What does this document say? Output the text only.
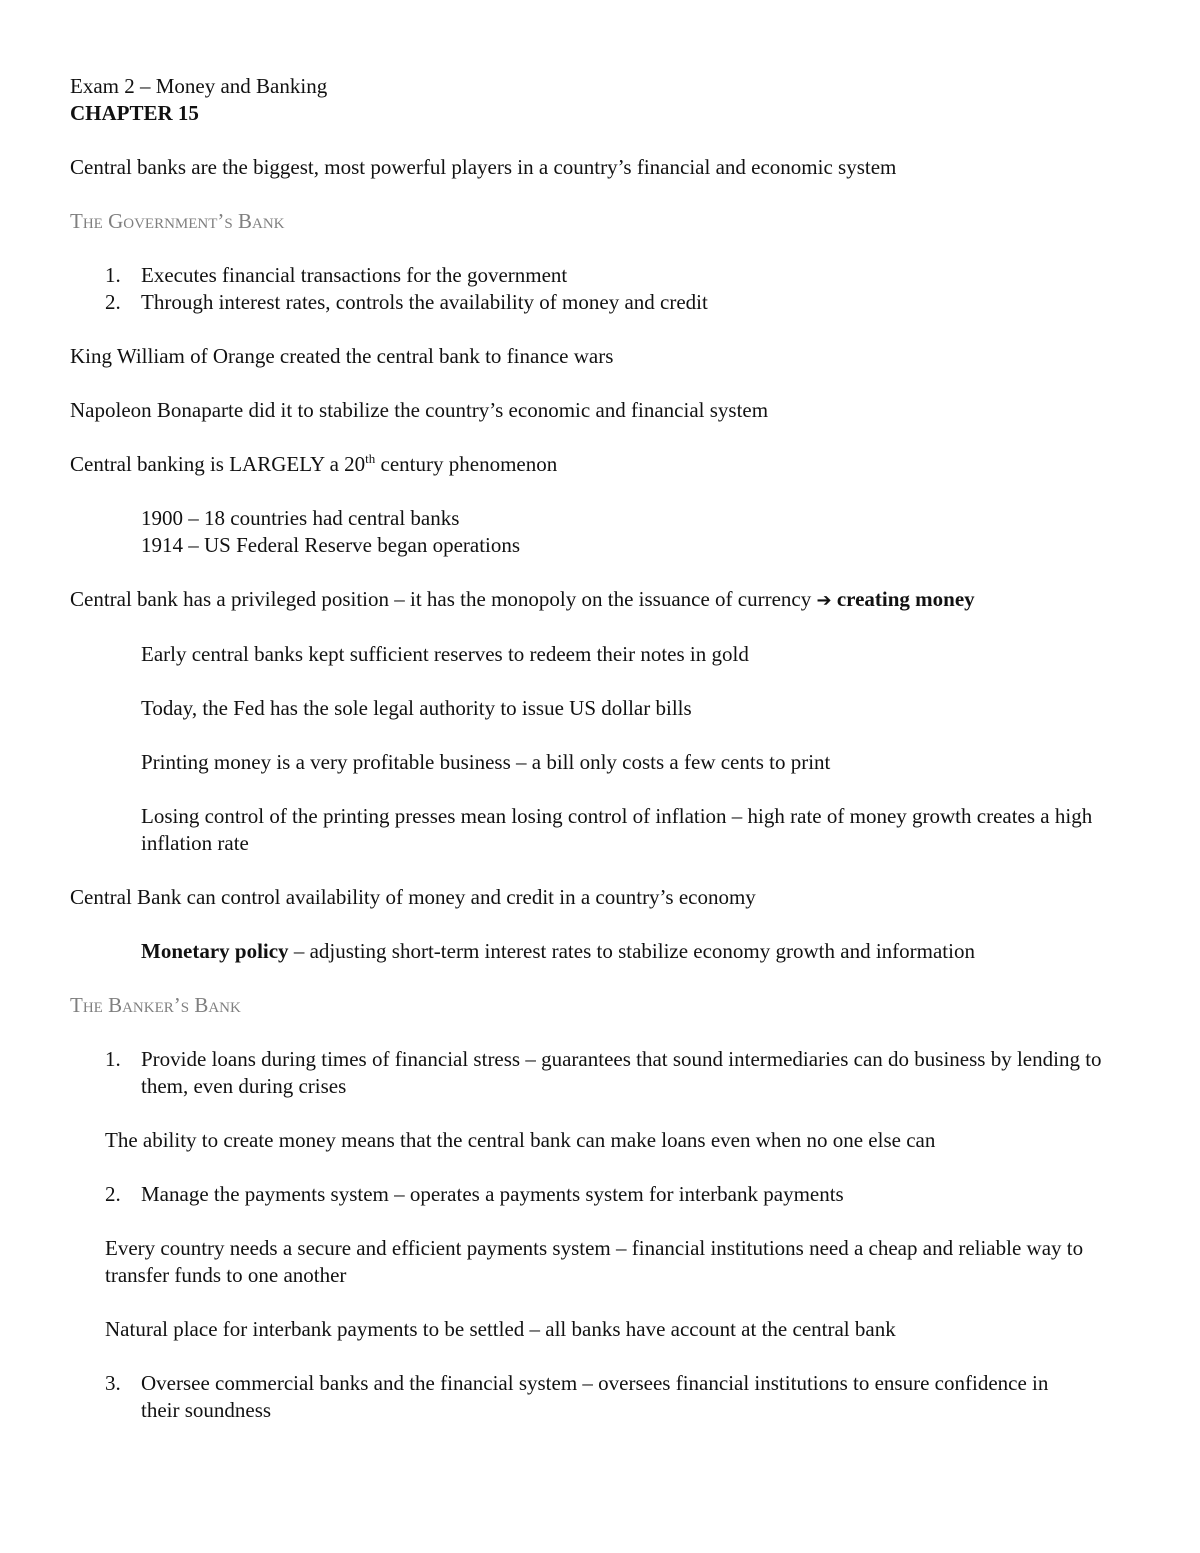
Exam 2 – Money and Banking

CHAPTER 15

Central banks are the biggest, most powerful players in a country’s financial and economic system

The Government’s Bank

1. Executes financial transactions for the government
2. Through interest rates, controls the availability of money and credit

King William of Orange created the central bank to finance wars

Napoleon Bonaparte did it to stabilize the country’s economic and financial system

Central banking is LARGELY a 20th century phenomenon

1900 – 18 countries had central banks

1914 – US Federal Reserve began operations

Central bank has a privileged position – it has the monopoly on the issuance of currency ➔ creating money

Early central banks kept sufficient reserves to redeem their notes in gold

Today, the Fed has the sole legal authority to issue US dollar bills

Printing money is a very profitable business – a bill only costs a few cents to print

Losing control of the printing presses mean losing control of inflation – high rate of money growth creates a high inflation rate

Central Bank can control availability of money and credit in a country’s economy

Monetary policy – adjusting short-term interest rates to stabilize economy growth and information

The Banker’s Bank

1. Provide loans during times of financial stress – guarantees that sound intermediaries can do business by lending to them, even during crises

The ability to create money means that the central bank can make loans even when no one else can

2. Manage the payments system – operates a payments system for interbank payments

Every country needs a secure and efficient payments system – financial institutions need a cheap and reliable way to transfer funds to one another

Natural place for interbank payments to be settled – all banks have account at the central bank

3. Oversee commercial banks and the financial system – oversees financial institutions to ensure confidence in their soundness
